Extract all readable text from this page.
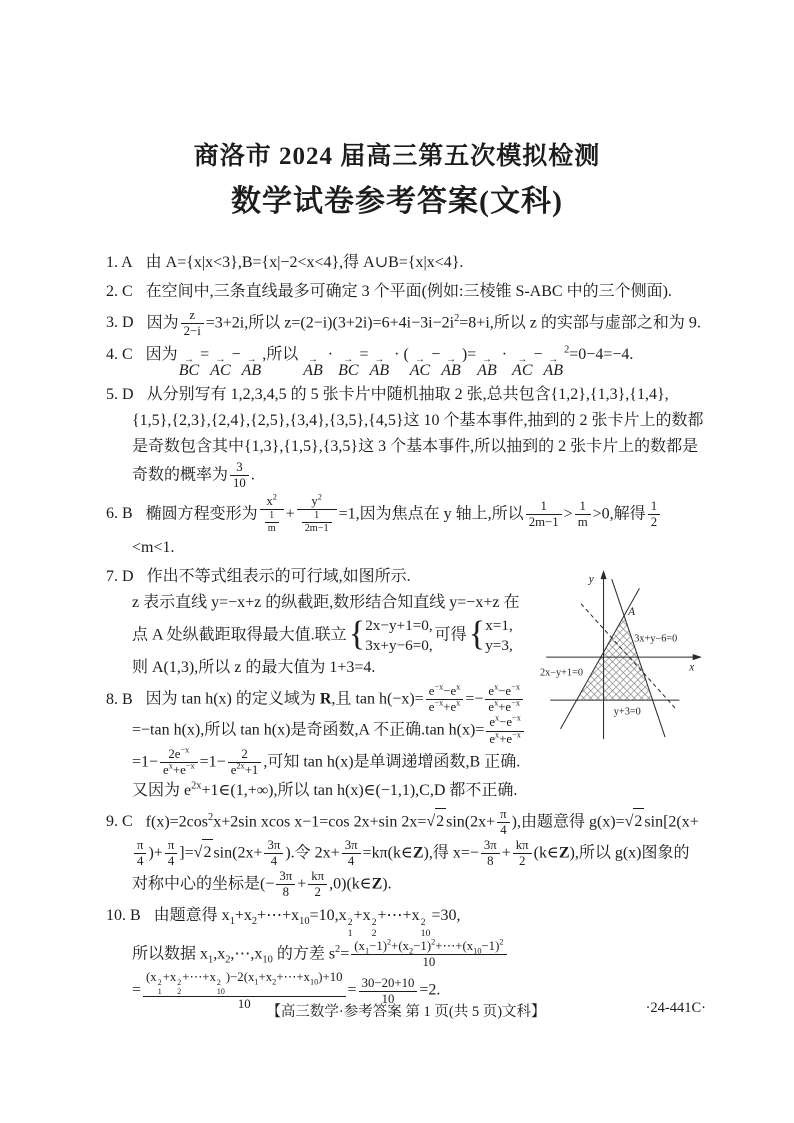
商洛市 2024 届高三第五次模拟检测
数学试卷参考答案(文科)
1. A 由 A={x|x<3},B={x|−2<x<4},得 A∪B={x|x<4}.
2. C 在空间中,三条直线最多可确定 3 个平面(例如:三棱锥 S-ABC 中的三个侧面).
3. D 因为 $\frac{z}{2-i} =3+2i$,所以 $z=(2-i)(3+2i)=6+4i-3i-2i^2=8+i$,所以 z 的实部与虚部之和为 9.
4. C 因为 →
BC
= →
AC
− →
AB
,所以 →
AB
· →
BC
= →
AB
· ( →
AC
− →
AB
)= →
AB
· →
AC
− →
AB
$^2$=0−4=−4.
5. D 从分别写有 1,2,3,4,5 的 5 张卡片中随机抽取 2 张,总共包含{1,2},{1,3},{1,4},{1,5},{2,3},{2,4},{2,5},{3,4},{3,5},{4,5}这 10 个基本事件,抽到的 2 张卡片上的数都是奇数包含其中{1,3},{1,5},{3,5}这 3 个基本事件,所以抽到的 2 张卡片上的数都是奇数的概率为 $\frac{3}{10}$ .
6. B 椭圆方程变形为 $\frac{x^2}{\frac{1}{m}} + \frac{y^2}{\frac{1}{2m-1}} =1$,因为焦点在 y 轴上,所以 $\frac{1}{2m-1} > \frac{1}{m} >0$,解得 $\frac{1}{2}$
<m<1.
y
x
A
3x+y−6=0
2x−y+1=0
y+3=0
7. D 作出不等式组表示的可行域,如图所示.
z 表示直线 y=−x+z 的纵截距,数形结合知直线 y=−x+z 在点 A 处纵截距取得最大值.联立 { 2x−y+1=0,
3x+y−6=0,
可得 { x=1,
y=3,
则 A(1,3),所以 z 的最大值为 1+3=4.
8. B 因为 tan h(x) 的定义域为 R,且 $\tan h(-x)= \frac{e^{-x}-e^x}{e^{-x}+e^x} =- \frac{e^x-e^{-x}}{e^x+e^{-x}}$
=−tan h(x),所以 tan h(x)是奇函数,A 不正确.tan $h(x)= \frac{e^x-e^{-x}}{e^x+e^{-x}}$
$=1- \frac{2e^{-x}}{e^x+e^{-x}} =1- \frac{2}{e^{2x}+1}$ ,可知 tan h(x)是单调递增函数,B 正确.又因为 $e^{2x}+1\in(1,+\infty)$,所以 tan h(x)∈(−1,1),C,D 都不正确.
9. C $f(x)=2\cos^2x+2\sin$ xcos x−1=cos 2x+sin 2x=√2 $\sin(2x+ \frac{\pi}{4}$ ),由题意得 g(x)=√2 sin[2(x+
$\frac{\pi}{4}$ )+ $\frac{\pi}{4} ]=√2$ $\sin(2x+ \frac{3\pi}{4}$ ).令 $2x+ \frac{3\pi}{4}$ =kπ(k∈Z),得 $x=- \frac{3\pi}{8} + \frac{k\pi}{2}$ (k∈Z),所以 g(x)图象的对称中心的坐标是(− $\frac{3\pi}{8} + \frac{k\pi}{2}$ ,0)(k∈Z).
10. B 由题意得 $x_1+x_2+\cdots+x_{10}=10,x$ 2
1
+x 2
2
+⋯+x 2
10
=30,
所以数据 $x_1,x_2,\cdots,x_{10}$ 的方差 $s^2= \frac{(x_1-1)^2+(x_2-1)^2+\cdots+(x_{10}-1)^2}{10}$

= (x 2
1
+x 2
2
+⋯+x 2
10
)$-2(x_1+x_2+\cdots+x_{10})+10$
$10 = \frac{30-20+10}{10} =2$.
【高三数学·参考答案 第 1 页(共 5 页)文科】	·24-441C·
